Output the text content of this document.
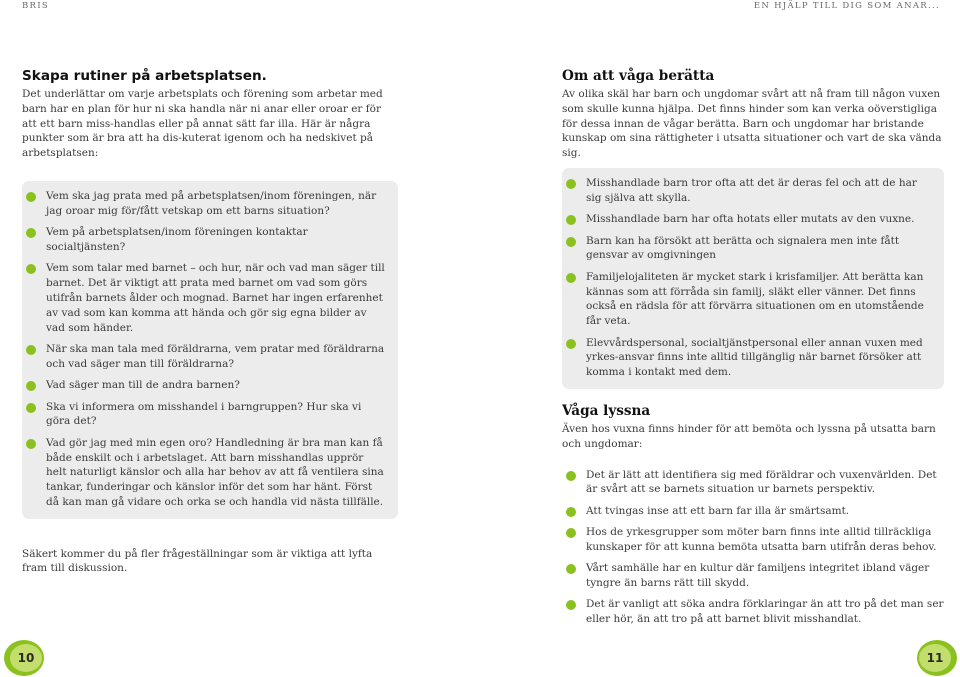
BRIS	EN HJÄLP TILL DIG SOM ANAR...
Skapa rutiner på arbetsplatsen.

Det underlättar om varje arbetsplats och förening som arbetar med barn har en plan för hur ni ska handla när ni anar eller oroar er för att ett barn miss-handlas eller på annat sätt far illa. Här är några punkter som är bra att ha dis-kuterat igenom och ha nedskivet på arbetsplatsen:

Vem ska jag prata med på arbetsplatsen/inom föreningen, när jag oroar mig för/fått vetskap om ett barns situation?
Vem på arbetsplatsen/inom föreningen kontaktar socialtjänsten?
Vem som talar med barnet – och hur, när och vad man säger till barnet. Det är viktigt att prata med barnet om vad som görs utifrån barnets ålder och mognad. Barnet har ingen erfarenhet av vad som kan komma att hända och gör sig egna bilder av vad som händer.
När ska man tala med föräldrarna, vem pratar med föräldrarna och vad säger man till föräldrarna?
Vad säger man till de andra barnen?
Ska vi informera om misshandel i barngruppen? Hur ska vi göra det?
Vad gör jag med min egen oro? Handledning är bra man kan få både enskilt och i arbetslaget. Att barn misshandlas upprör helt naturligt känslor och alla har behov av att få ventilera sina tankar, funderingar och känslor inför det som har hänt. Först då kan man gå vidare och orka se och handla vid nästa tillfälle.

Säkert kommer du på fler frågeställningar som är viktiga att lyfta fram till diskussion.

Om att våga berätta

Av olika skäl har barn och ungdomar svårt att nå fram till någon vuxen som skulle kunna hjälpa. Det finns hinder som kan verka oöverstigliga för dessa innan de vågar berätta. Barn och ungdomar har bristande kunskap om sina rättigheter i utsatta situationer och vart de ska vända sig.

Misshandlade barn tror ofta att det är deras fel och att de har sig själva att skylla.
Misshandlade barn har ofta hotats eller mutats av den vuxne.
Barn kan ha försökt att berätta och signalera men inte fått gensvar av omgivningen
Familjelojaliteten är mycket stark i krisfamiljer. Att berätta kan kännas som att förråda sin familj, släkt eller vänner. Det finns också en rädsla för att förvärra situationen om en utomstående får veta.
Elevvårdspersonal, socialtjänstpersonal eller annan vuxen med yrkes-ansvar finns inte alltid tillgänglig när barnet försöker att komma i kontakt med dem.
Våga lyssna

Även hos vuxna finns hinder för att bemöta och lyssna på utsatta barn och ungdomar:

Det är lätt att identifiera sig med föräldrar och vuxenvärlden. Det är svårt att se barnets situation ur barnets perspektiv.
Att tvingas inse att ett barn far illa är smärtsamt.
Hos de yrkesgrupper som möter barn finns inte alltid tillräckliga kunskaper för att kunna bemöta utsatta barn utifrån deras behov.
Vårt samhälle har en kultur där familjens integritet ibland väger tyngre än barns rätt till skydd.
Det är vanligt att söka andra förklaringar än att tro på det man ser eller hör, än att tro på att barnet blivit misshandlat.
10	11
